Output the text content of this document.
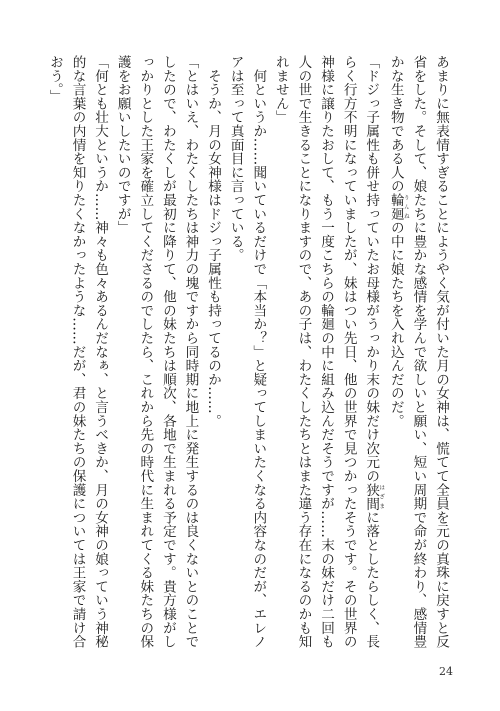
あまりに無表情すぎることにようやく気が付いた月の女神は、慌てて全員を元の真珠に戻すと反省をした。そして、娘たちに豊かな感情を学んで欲しいと願い、短い周期で命が終わり、感情豊かな生き物である人の輪廻 りんねの中に娘たちを入れ込んだのだ。

「ドジっ子属性も併せ持っていたお母様がうっかり末の妹だけ次元の狭間 はざまに落としたらしく、長らく行方不明になっていましたが、妹はつい先日、他の世界で見つかったそうです。その世界の神様に譲りたおして、もう一度こちらの輪廻の中に組み込んだそうですが……末の妹だけ二回も人の世で生きることになりますので、あの子は、わたくしたちとはまた違う存在になるのかも知れません」

　何というか……聞いているだけで「本当か？」と疑ってしまいたくなる内容なのだが、エレノアは至って真面目に言っている。

　そうか、月の女神様はドジっ子属性も持ってるのか……。

「とはいえ、わたくしたちは神力の塊ですから同時期に地上に発生するのは良くないとのことでしたので、わたくしが最初に降りて、他の妹たちは順次、各地で生まれる予定です。貴方様がしっかりとした王家を確立してくださるのでしたら、これから先の時代に生まれてくる妹たちの保護をお願いしたいのですが」

「何とも壮大というか……神々も色々あるんだなぁ、と言うべきか、月の女神の娘っていう神秘的な言葉の内情を知りたくなかったような……だが、君の妹たちの保護については王家で請け合おう。」

24
